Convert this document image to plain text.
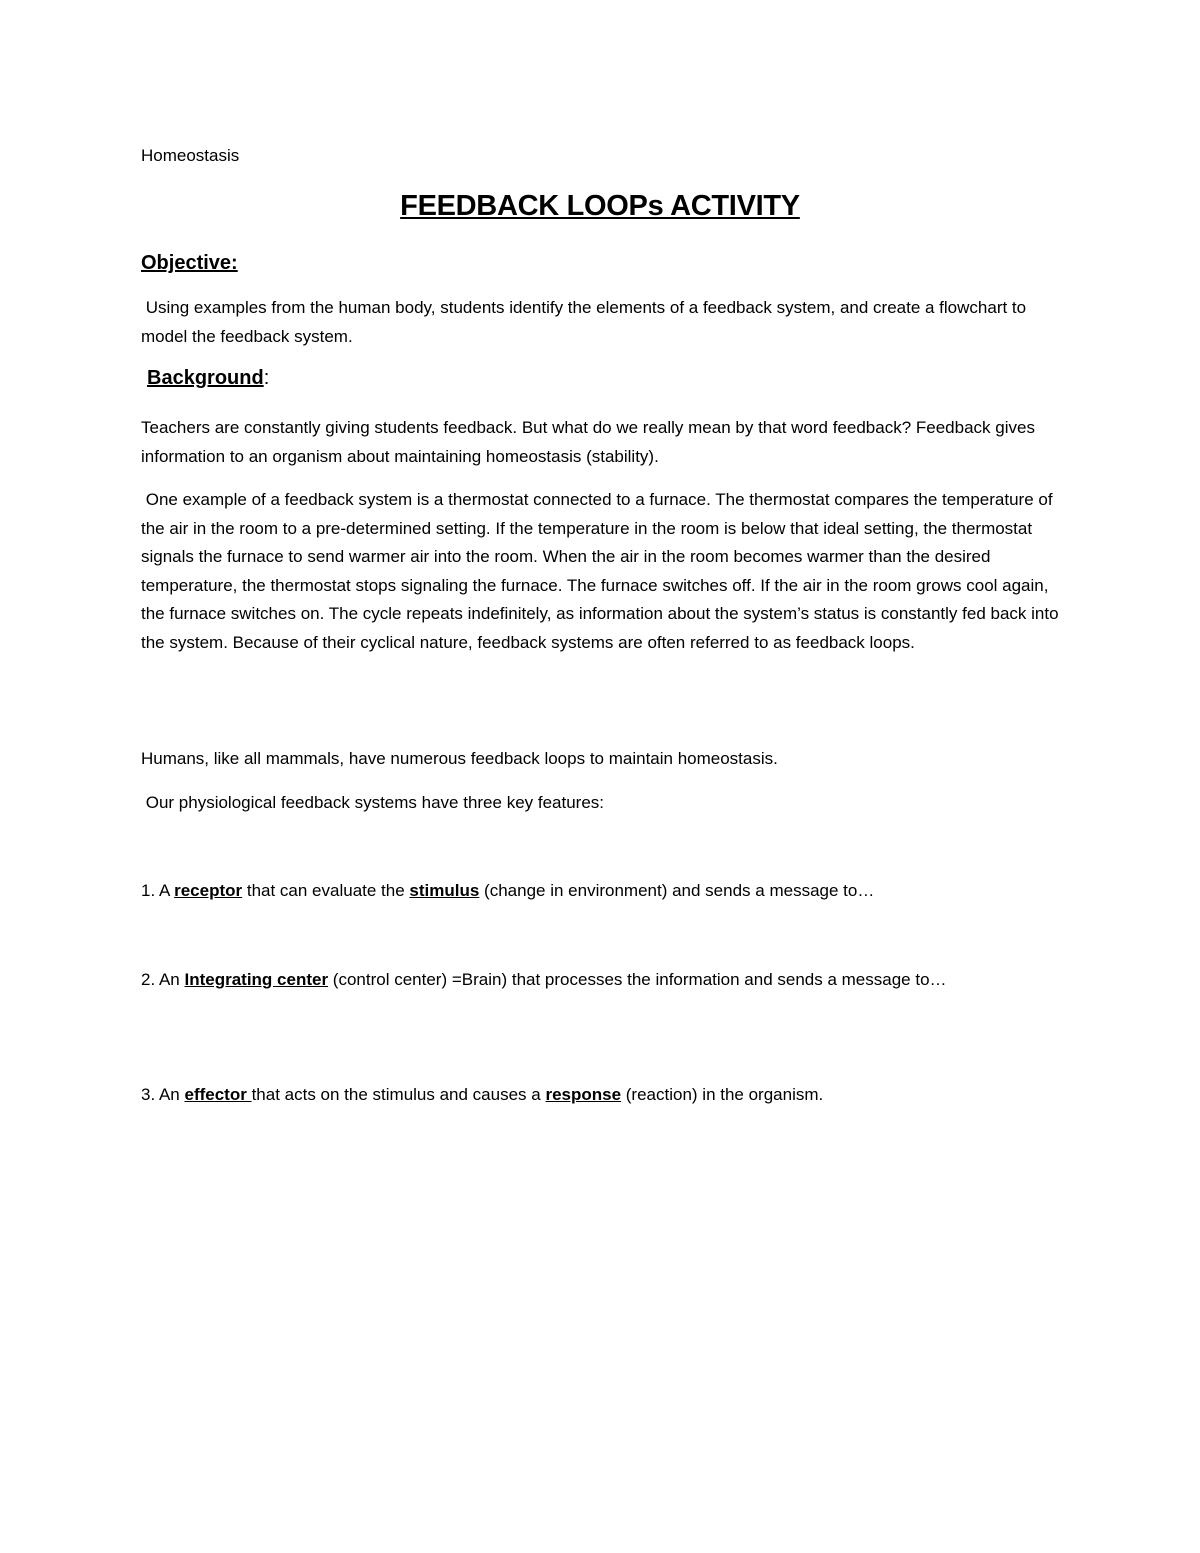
Homeostasis
FEEDBACK LOOPs ACTIVITY
Objective:

Using examples from the human body, students identify the elements of a feedback system, and create a flowchart to model the feedback system.

Background:

Teachers are constantly giving students feedback. But what do we really mean by that word feedback? Feedback gives information to an organism about maintaining homeostasis (stability).

One example of a feedback system is a thermostat connected to a furnace. The thermostat compares the temperature of the air in the room to a pre-determined setting. If the temperature in the room is below that ideal setting, the thermostat signals the furnace to send warmer air into the room. When the air in the room becomes warmer than the desired temperature, the thermostat stops signaling the furnace. The furnace switches off. If the air in the room grows cool again, the furnace switches on. The cycle repeats indefinitely, as information about the system’s status is constantly fed back into the system. Because of their cyclical nature, feedback systems are often referred to as feedback loops.

Humans, like all mammals, have numerous feedback loops to maintain homeostasis.

Our physiological feedback systems have three key features:

1. A receptor that can evaluate the stimulus (change in environment) and sends a message to…

2. An Integrating center (control center) =Brain) that processes the information and sends a message to…

3. An effector that acts on the stimulus and causes a response (reaction) in the organism.
